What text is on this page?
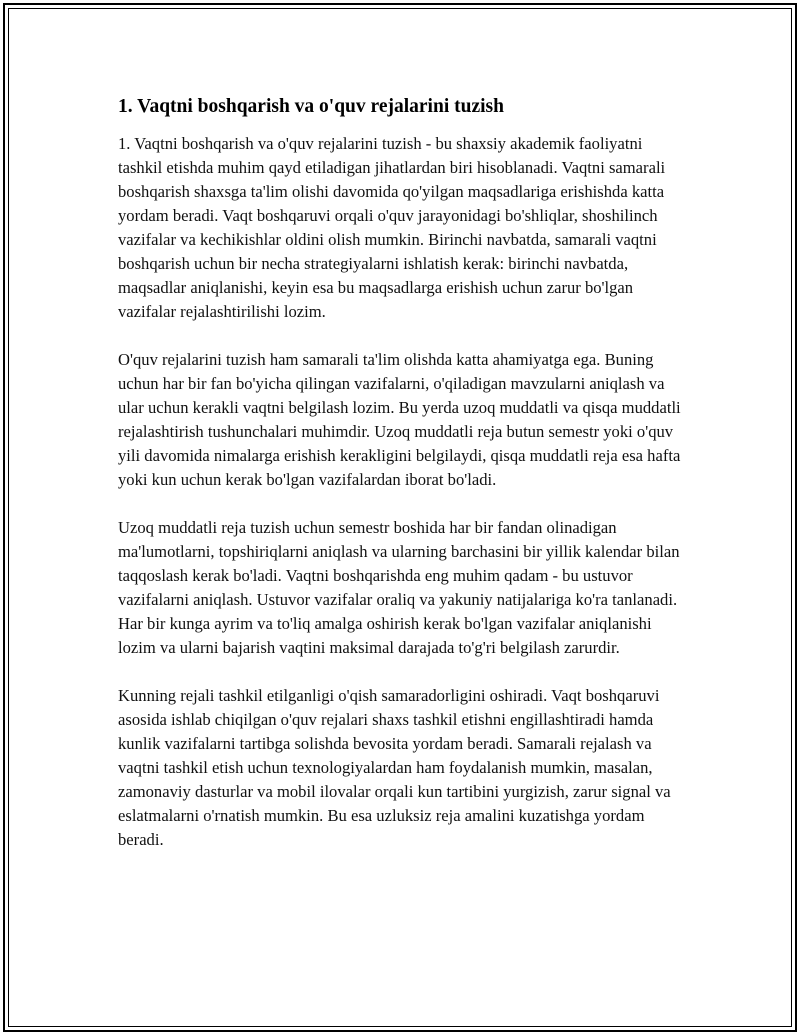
1. Vaqtni boshqarish va o'quv rejalarini tuzish

1. Vaqtni boshqarish va o'quv rejalarini tuzish - bu shaxsiy akademik faoliyatni tashkil etishda muhim qayd etiladigan jihatlardan biri hisoblanadi. Vaqtni samarali boshqarish shaxsga ta'lim olishi davomida qo'yilgan maqsadlariga erishishda katta yordam beradi. Vaqt boshqaruvi orqali o'quv jarayonidagi bo'shliqlar, shoshilinch vazifalar va kechikishlar oldini olish mumkin. Birinchi navbatda, samarali vaqtni boshqarish uchun bir necha strategiyalarni ishlatish kerak: birinchi navbatda, maqsadlar aniqlanishi, keyin esa bu maqsadlarga erishish uchun zarur bo'lgan vazifalar rejalashtirilishi lozim.

O'quv rejalarini tuzish ham samarali ta'lim olishda katta ahamiyatga ega. Buning uchun har bir fan bo'yicha qilingan vazifalarni, o'qiladigan mavzularni aniqlash va ular uchun kerakli vaqtni belgilash lozim. Bu yerda uzoq muddatli va qisqa muddatli rejalashtirish tushunchalari muhimdir. Uzoq muddatli reja butun semestr yoki o'quv yili davomida nimalarga erishish kerakligini belgilaydi, qisqa muddatli reja esa hafta yoki kun uchun kerak bo'lgan vazifalardan iborat bo'ladi.

Uzoq muddatli reja tuzish uchun semestr boshida har bir fandan olinadigan ma'lumotlarni, topshiriqlarni aniqlash va ularning barchasini bir yillik kalendar bilan taqqoslash kerak bo'ladi. Vaqtni boshqarishda eng muhim qadam - bu ustuvor vazifalarni aniqlash. Ustuvor vazifalar oraliq va yakuniy natijalariga ko'ra tanlanadi. Har bir kunga ayrim va to'liq amalga oshirish kerak bo'lgan vazifalar aniqlanishi lozim va ularni bajarish vaqtini maksimal darajada to'g'ri belgilash zarurdir.

Kunning rejali tashkil etilganligi o'qish samaradorligini oshiradi. Vaqt boshqaruvi asosida ishlab chiqilgan o'quv rejalari shaxs tashkil etishni engillashtiradi hamda kunlik vazifalarni tartibga solishda bevosita yordam beradi. Samarali rejalash va vaqtni tashkil etish uchun texnologiyalardan ham foydalanish mumkin, masalan, zamonaviy dasturlar va mobil ilovalar orqali kun tartibini yurgizish, zarur signal va eslatmalarni o'rnatish mumkin. Bu esa uzluksiz reja amalini kuzatishga yordam beradi.
